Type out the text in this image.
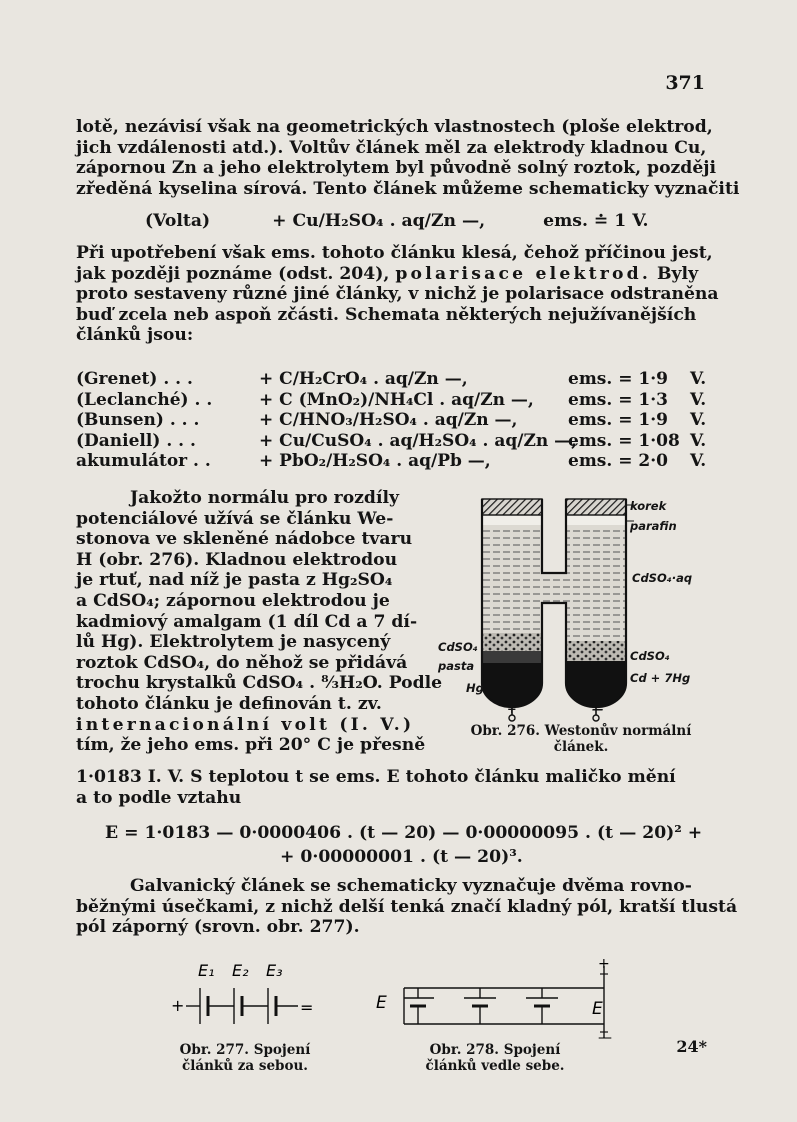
371
lotě, nezávisí však na geometrických vlastnostech (ploše elektrod,
jich vzdálenosti atd.). Voltův článek měl za elektrody kladnou Cu,
zápornou Zn a jeho elektrolytem byl původně solný roztok, později
zředěná kyselina sírová. Tento článek můžeme schematicky vyznačiti
(Volta)	+ Cu/H₂SO₄ . aq/Zn —,	ems. ≐ 1 V.
Při upotřebení však ems. tohoto článku klesá, čehož příčinou jest,
jak později poznáme (odst. 204), polarisace elektrod. Byly
proto sestaveny různé jiné články, v nichž je polarisace odstraněna
buď zcela neb aspoň zčásti. Schemata některých nejužívanějších
článků jsou:
(Grenet) . . .	+ C/H₂CrO₄ . aq/Zn —,	ems. = 1·9 V.
(Leclanché) . .	+ C (MnO₂)/NH₄Cl . aq/Zn —, ems. = 1·3 V.
(Bunsen) . . .	+ C/HNO₃/H₂SO₄ . aq/Zn —,	ems. = 1·9 V.
(Daniell) . . .	+ Cu/CuSO₄ . aq/H₂SO₄ . aq/Zn —,
ems. = 1·08 V.
akumulátor . .	+ PbO₂/H₂SO₄ . aq/Pb —,	ems. = 2·0 V.
Jakožto normálu pro rozdíly
potenciálové užívá se článku We-
stonova ve skleněné nádobce tvaru
H (obr. 276). Kladnou elektrodou
je rtuť, nad níž je pasta z Hg₂SO₄
a CdSO₄; zápornou elektrodou je
kadmiový amalgam (1 díl Cd a 7 dí-
lů Hg). Elektrolytem je nasycený
roztok CdSO₄, do něhož se přidává
trochu krystalků CdSO₄ . ⁸⁄₃H₂O. Podle
tohoto článku je definován t. zv.
internacionální volt (I. V.)
tím, že jeho ems. při 20° C je přesně
korek
parafin
CdSO₄·aq
CdSO₄
pasta
Hg
CdSO₄
Cd + 7Hg
+	—
Obr. 276. Westonův normální
článek.
1·0183 I. V. S teplotou t se ems. E tohoto článku maličko mění
a to podle vztahu
E = 1·0183 — 0·0000406 . (t — 20) — 0·00000095 . (t — 20)² +
+ 0·00000001 . (t — 20)³.
Galvanický článek se schematicky vyznačuje dvěma rovno-
běžnými úsečkami, z nichž delší tenká značí kladný pól, kratší tlustá
pól záporný (srovn. obr. 277).
+	=
E₁ E₂ E₃
Obr. 277. Spojení
článků za sebou.
E	E
+
—
Obr. 278. Spojení
článků vedle sebe.
24*
